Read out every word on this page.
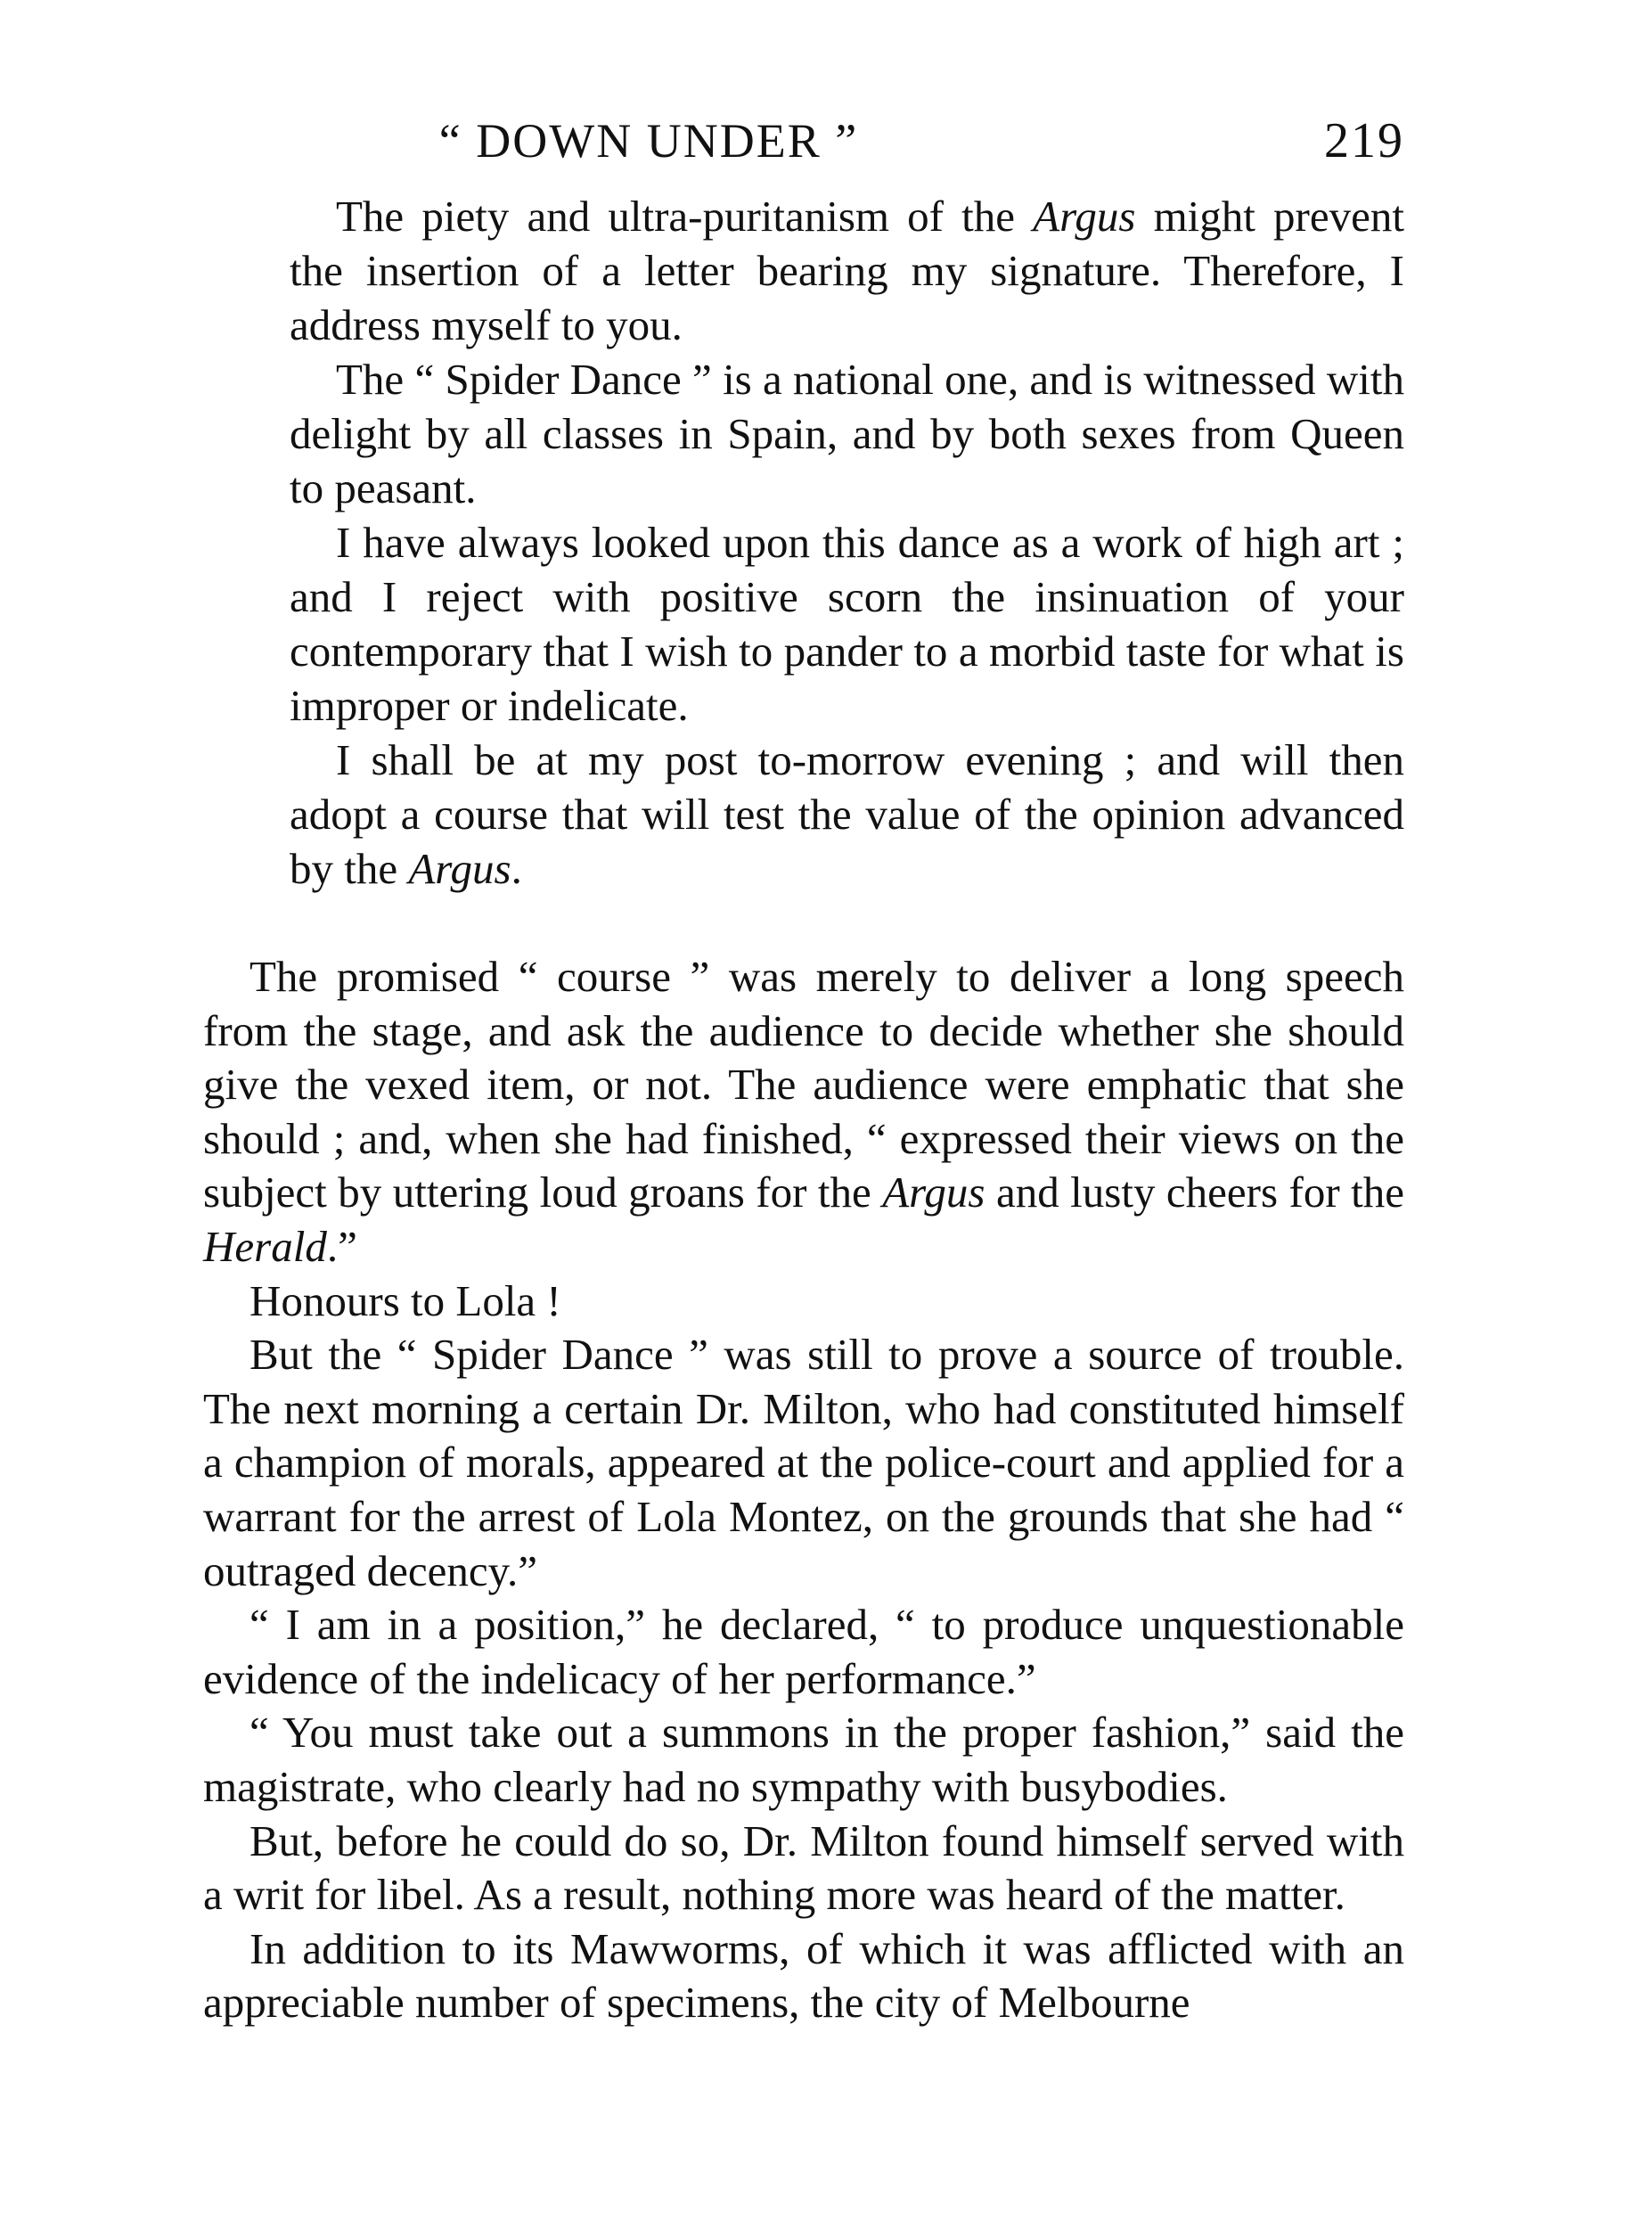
“ DOWN UNDER ”	219

The piety and ultra-puritanism of the Argus might prevent the insertion of a letter bearing my signature. Therefore, I address myself to you.

The “ Spider Dance ” is a national one, and is witnessed with delight by all classes in Spain, and by both sexes from Queen to peasant.

I have always looked upon this dance as a work of high art ; and I reject with positive scorn the insinuation of your contemporary that I wish to pander to a morbid taste for what is improper or indelicate.

I shall be at my post to-morrow evening ; and will then adopt a course that will test the value of the opinion advanced by the Argus.

The promised “ course ” was merely to deliver a long speech from the stage, and ask the audience to decide whether she should give the vexed item, or not. The audience were emphatic that she should ; and, when she had finished, “ expressed their views on the subject by uttering loud groans for the Argus and lusty cheers for the Herald.”

Honours to Lola !

But the “ Spider Dance ” was still to prove a source of trouble. The next morning a certain Dr. Milton, who had constituted himself a champion of morals, appeared at the police-court and applied for a warrant for the arrest of Lola Montez, on the grounds that she had “ outraged decency.”

“ I am in a position,” he declared, “ to produce unquestionable evidence of the indelicacy of her performance.”

“ You must take out a summons in the proper fashion,” said the magistrate, who clearly had no sympathy with busybodies.

But, before he could do so, Dr. Milton found himself served with a writ for libel. As a result, nothing more was heard of the matter.

In addition to its Mawworms, of which it was afflicted with an appreciable number of specimens, the city of Melbourne
